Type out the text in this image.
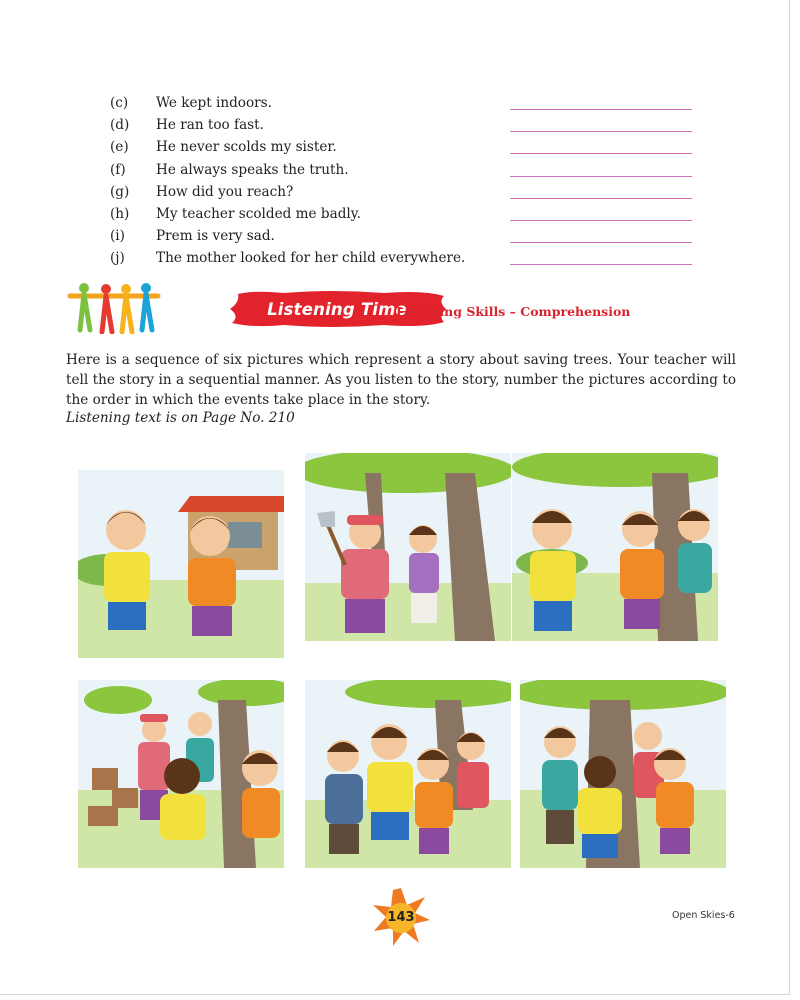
(c) We kept indoors.
(d) He ran too fast.
(e) He never scolds my sister.
(f) He always speaks the truth.
(g) How did you reach?
(h) My teacher scolded me badly.
(i) Prem is very sad.
(j) The mother looked for her child everywhere.
Listening Time
Listening Skills – Comprehension

Here is a sequence of six pictures which represent a story about saving trees. Your teacher will tell the story in a sequential manner. As you listen to the story, number the pictures according to the order in which the events take place in the story.

Listening text is on Page No. 210
143	Open Skies-6
